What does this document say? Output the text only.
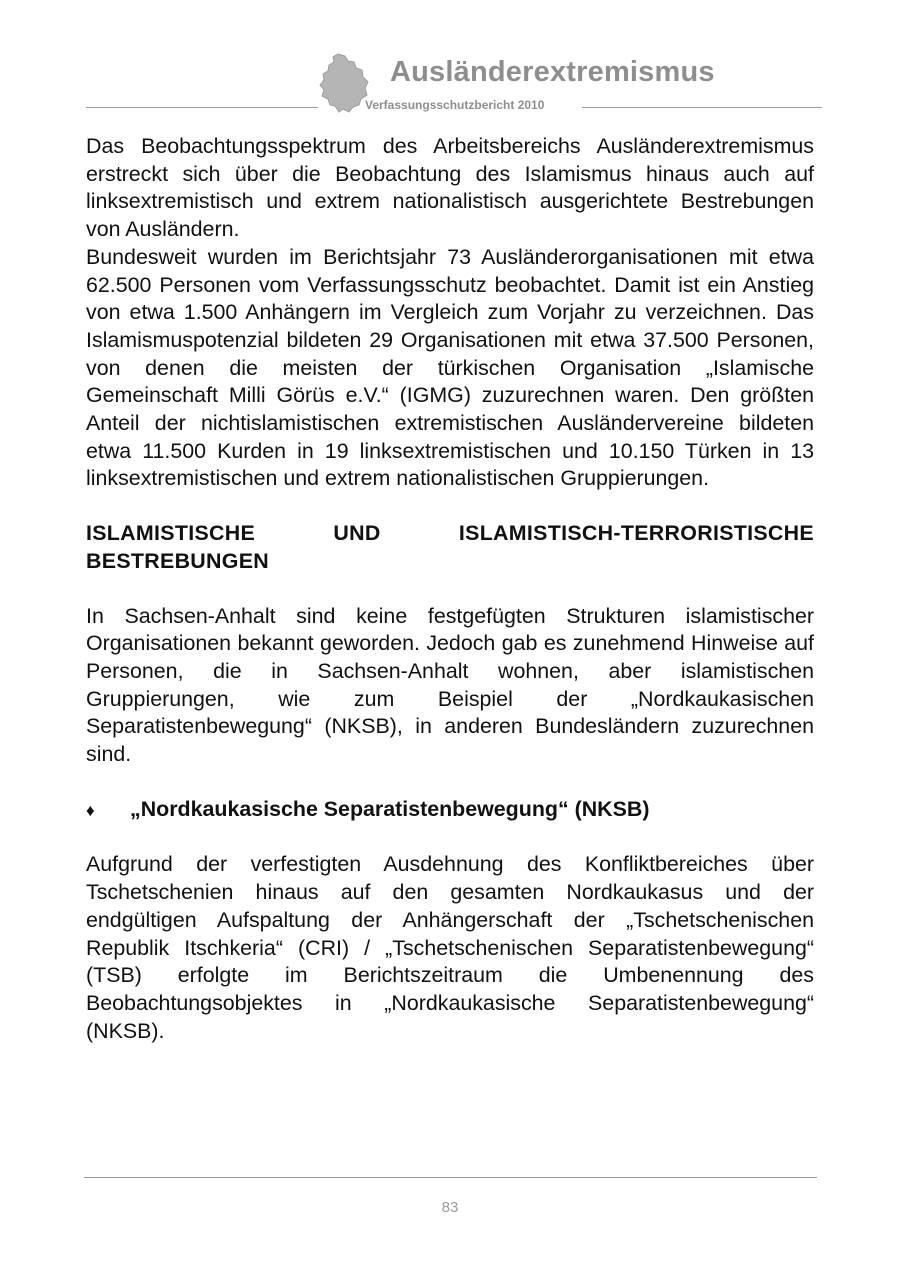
Ausländerextremismus
Verfassungsschutzbericht 2010

Das Beobachtungsspektrum des Arbeitsbereichs Ausländerextremismus erstreckt sich über die Beobachtung des Islamismus hinaus auch auf linksextremistisch und extrem nationalistisch ausgerichtete Bestrebungen von Ausländern.

Bundesweit wurden im Berichtsjahr 73 Ausländerorganisationen mit etwa 62.500 Personen vom Verfassungsschutz beobachtet. Damit ist ein Anstieg von etwa 1.500 Anhängern im Vergleich zum Vorjahr zu verzeichnen. Das Islamismuspotenzial bildeten 29 Organisationen mit etwa 37.500 Personen, von denen die meisten der türkischen Organisation „Islamische Gemeinschaft Milli Görüs e.V.“ (IGMG) zuzurechnen waren. Den größten Anteil der nichtislamistischen extremistischen Ausländervereine bildeten etwa 11.500 Kurden in 19 linksextremistischen und 10.150 Türken in 13 linksextremistischen und extrem nationalistischen Gruppierungen.

ISLAMISTISCHE UND ISLAMISTISCH-TERRORISTISCHE BESTREBUNGEN

In Sachsen-Anhalt sind keine festgefügten Strukturen islamistischer Organisationen bekannt geworden. Jedoch gab es zunehmend Hinweise auf Personen, die in Sachsen-Anhalt wohnen, aber islamistischen Gruppierungen, wie zum Beispiel der „Nordkaukasischen Separatistenbewegung“ (NKSB), in anderen Bundesländern zuzurechnen sind.

♦	„Nordkaukasische Separatistenbewegung“ (NKSB)

Aufgrund der verfestigten Ausdehnung des Konfliktbereiches über Tschetschenien hinaus auf den gesamten Nordkaukasus und der endgültigen Aufspaltung der Anhängerschaft der „Tschetschenischen Republik Itschkeria“ (CRI) / „Tschetschenischen Separatistenbewegung“ (TSB) erfolgte im Berichtszeitraum die Umbenennung des Beobachtungsobjektes in „Nordkaukasische Separatistenbewegung“ (NKSB).

83
